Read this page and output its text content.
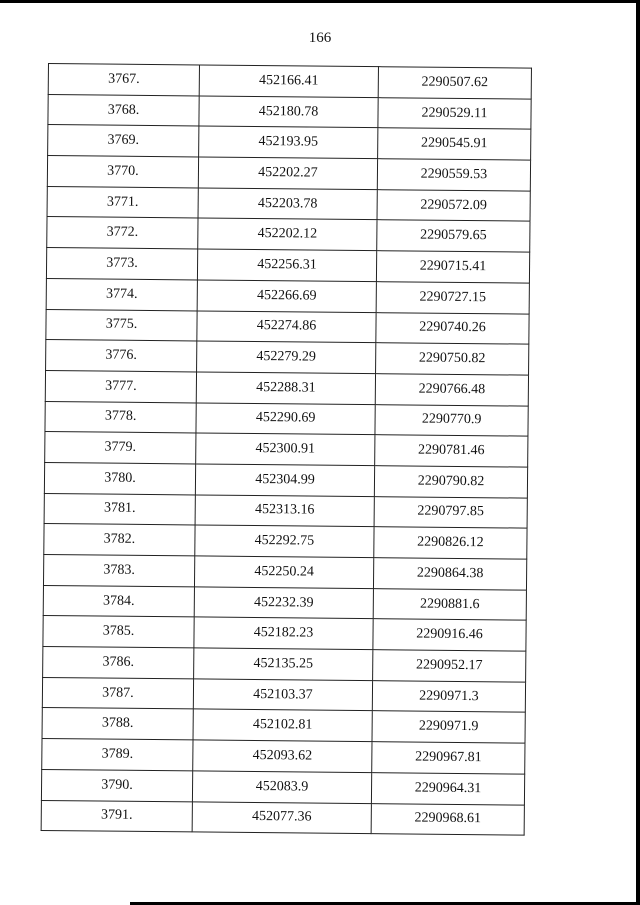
166
3767.	452166.41	2290507.62
3768.	452180.78	2290529.11
3769.	452193.95	2290545.91
3770.	452202.27	2290559.53
3771.	452203.78	2290572.09
3772.	452202.12	2290579.65
3773.	452256.31	2290715.41
3774.	452266.69	2290727.15
3775.	452274.86	2290740.26
3776.	452279.29	2290750.82
3777.	452288.31	2290766.48
3778.	452290.69	2290770.9
3779.	452300.91	2290781.46
3780.	452304.99	2290790.82
3781.	452313.16	2290797.85
3782.	452292.75	2290826.12
3783.	452250.24	2290864.38
3784.	452232.39	2290881.6
3785.	452182.23	2290916.46
3786.	452135.25	2290952.17
3787.	452103.37	2290971.3
3788.	452102.81	2290971.9
3789.	452093.62	2290967.81
3790.	452083.9	2290964.31
3791.	452077.36	2290968.61
